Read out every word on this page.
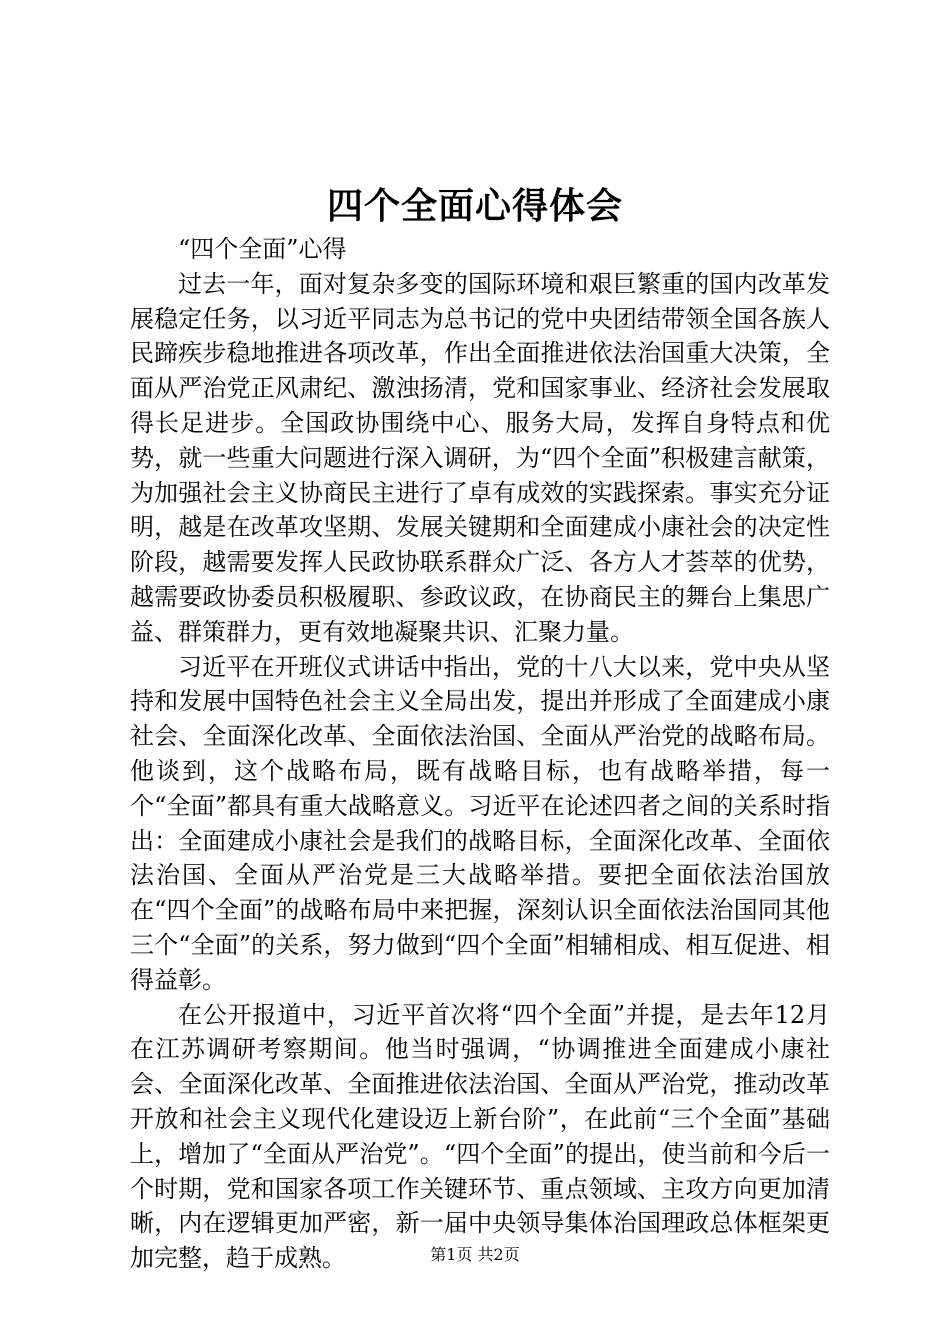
四个全面心得体会

“四个全面”心得

过去一年，面对复杂多变的国际环境和艰巨繁重的国内改革发展稳定任务，以习近平同志为总书记的党中央团结带领全国各族人民蹄疾步稳地推进各项改革，作出全面推进依法治国重大决策，全面从严治党正风肃纪、激浊扬清，党和国家事业、经济社会发展取得长足进步。全国政协围绕中心、服务大局，发挥自身特点和优势，就一些重大问题进行深入调研，为“四个全面”积极建言献策，为加强社会主义协商民主进行了卓有成效的实践探索。事实充分证明，越是在改革攻坚期、发展关键期和全面建成小康社会的决定性阶段，越需要发挥人民政协联系群众广泛、各方人才荟萃的优势，越需要政协委员积极履职、参政议政，在协商民主的舞台上集思广益、群策群力，更有效地凝聚共识、汇聚力量。

习近平在开班仪式讲话中指出，党的十八大以来，党中央从坚持和发展中国特色社会主义全局出发，提出并形成了全面建成小康社会、全面深化改革、全面依法治国、全面从严治党的战略布局。他谈到，这个战略布局，既有战略目标，也有战略举措，每一个“全面”都具有重大战略意义。习近平在论述四者之间的关系时指出：全面建成小康社会是我们的战略目标，全面深化改革、全面依法治国、全面从严治党是三大战略举措。要把全面依法治国放在“四个全面”的战略布局中来把握，深刻认识全面依法治国同其他三个“全面”的关系，努力做到“四个全面”相辅相成、相互促进、相得益彰。

在公开报道中，习近平首次将“四个全面”并提，是去年12月在江苏调研考察期间。他当时强调，“协调推进全面建成小康社会、全面深化改革、全面推进依法治国、全面从严治党，推动改革开放和社会主义现代化建设迈上新台阶”，在此前“三个全面”基础上，增加了“全面从严治党”。“四个全面”的提出，使当前和今后一个时期，党和国家各项工作关键环节、重点领域、主攻方向更加清晰，内在逻辑更加严密，新一届中央领导集体治国理政总体框架更加完整，趋于成熟。	第1页 共2页
